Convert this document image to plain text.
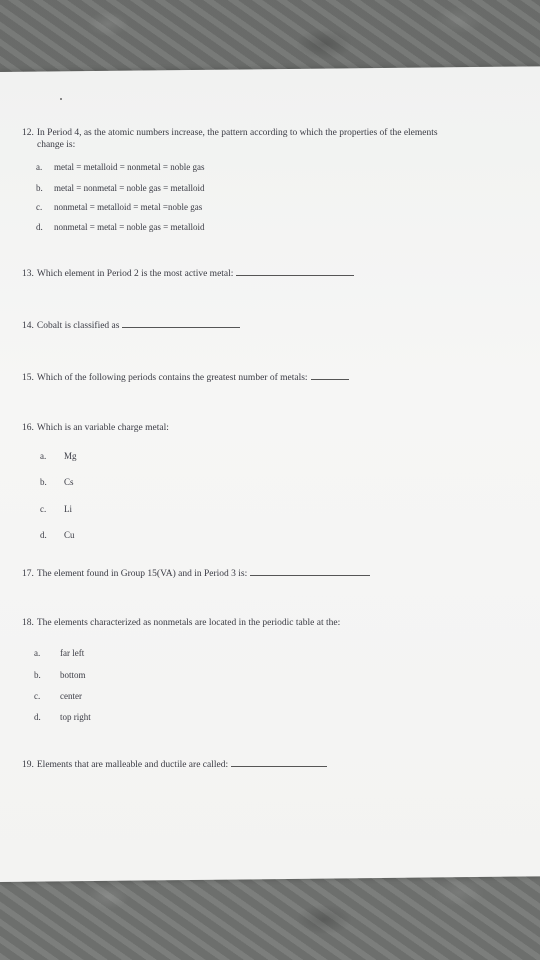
12. In Period 4, as the atomic numbers increase, the pattern according to which the properties of the elements
change is:
a. metal = metalloid = nonmetal = noble gas
b. metal = nonmetal = noble gas = metalloid
c. nonmetal = metalloid = metal =noble gas
d. nonmetal = metal = noble gas = metalloid
13. Which element in Period 2 is the most active metal:
14. Cobalt is classified as
15. Which of the following periods contains the greatest number of metals:
16. Which is an variable charge metal:
a. Mg
b. Cs
c. Li
d. Cu
17. The element found in Group 15(VA) and in Period 3 is:
18. The elements characterized as nonmetals are located in the periodic table at the:
a. far left
b. bottom
c. center
d. top right
19. Elements that are malleable and ductile are called:
